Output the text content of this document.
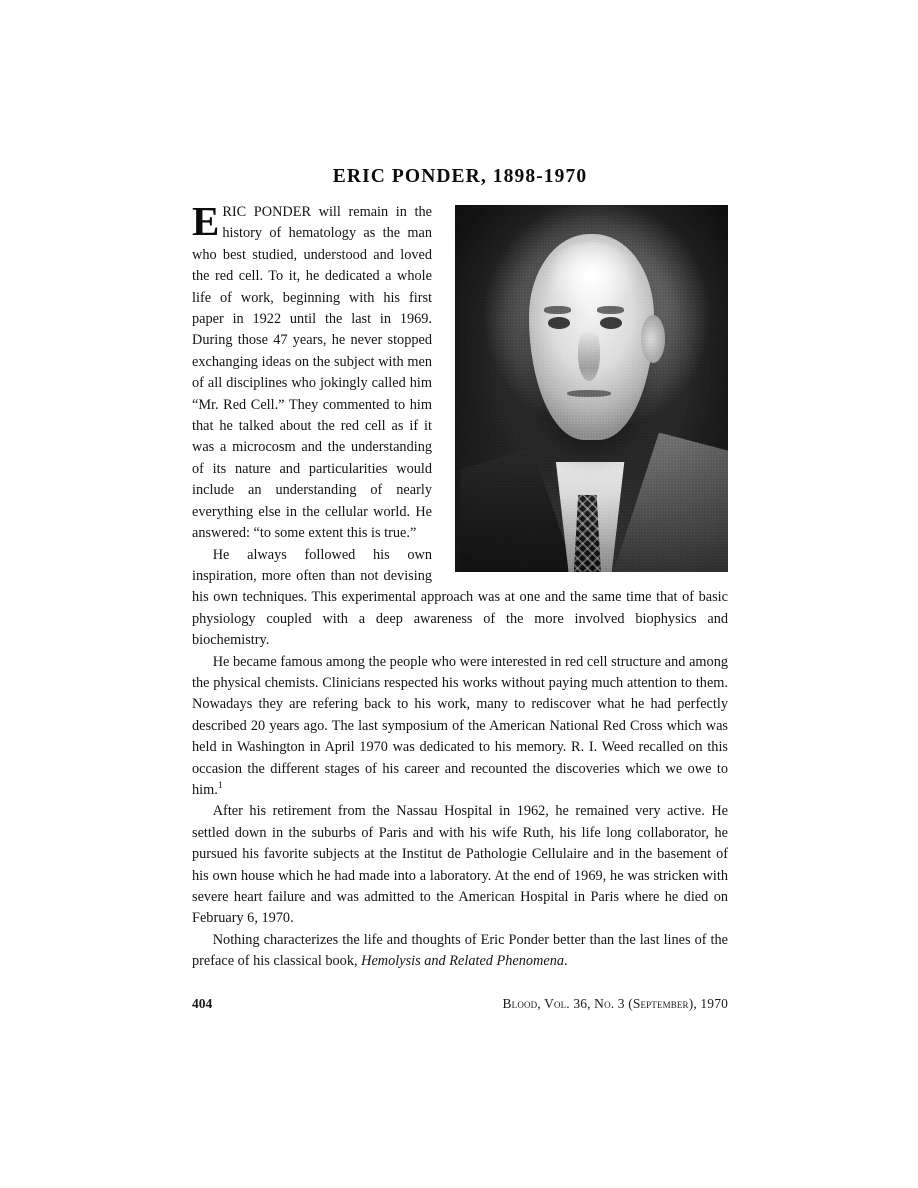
ERIC PONDER, 1898-1970

ERIC PONDER will remain in the history of hematology as the man who best studied, understood and loved the red cell. To it, he dedicated a whole life of work, beginning with his first paper in 1922 until the last in 1969. During those 47 years, he never stopped exchanging ideas on the subject with men of all disciplines who jokingly called him “Mr. Red Cell.” They commented to him that he talked about the red cell as if it was a microcosm and the understanding of its nature and particularities would include an understanding of nearly everything else in the cellular world. He answered: “to some extent this is true.”

He always followed his own inspiration, more often than not devising his own techniques. This experimental approach was at one and the same time that of basic physiology coupled with a deep awareness of the more involved biophysics and biochemistry.

He became famous among the people who were interested in red cell structure and among the physical chemists. Clinicians respected his works without paying much attention to them. Nowadays they are refering back to his work, many to rediscover what he had perfectly described 20 years ago. The last symposium of the American National Red Cross which was held in Washington in April 1970 was dedicated to his memory. R. I. Weed recalled on this occasion the different stages of his career and recounted the discoveries which we owe to him.$^1$

After his retirement from the Nassau Hospital in 1962, he remained very active. He settled down in the suburbs of Paris and with his wife Ruth, his life long collaborator, he pursued his favorite subjects at the Institut de Pathologie Cellulaire and in the basement of his own house which he had made into a laboratory. At the end of 1969, he was stricken with severe heart failure and was admitted to the American Hospital in Paris where he died on February 6, 1970.

Nothing characterizes the life and thoughts of Eric Ponder better than the last lines of the preface of his classical book, Hemolysis and Related Phenomena.

404	Blood, Vol. 36, No. 3 (September), 1970
